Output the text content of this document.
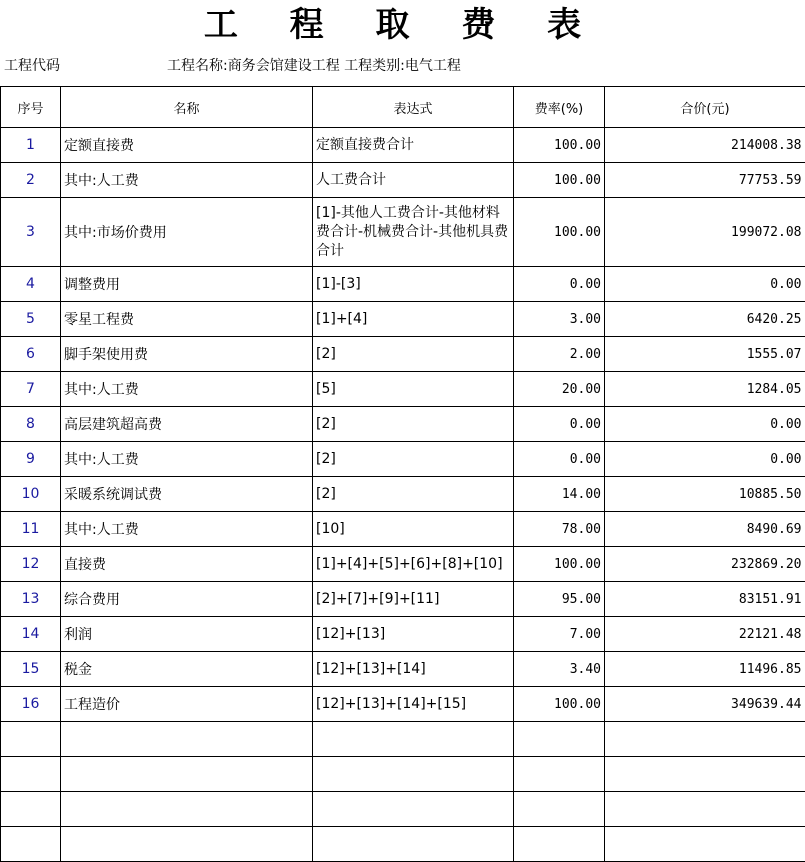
工 程 取 费 表
工程代码	工程名称:商务会馆建设工程 工程类别:电气工程
序号	名称	表达式	费率(%)	合价(元)
1	定额直接费	定额直接费合计	100.00	214008.38
2	其中:人工费	人工费合计	100.00	77753.59
3	其中:市场价费用	[1]-其他人工费合计-其他材料费合计-机械费合计-其他机具费合计	100.00	199072.08
4	调整费用	[1]-[3]	0.00	0.00
5	零星工程费	[1]+[4]	3.00	6420.25
6	脚手架使用费	[2]	2.00	1555.07
7	其中:人工费	[5]	20.00	1284.05
8	高层建筑超高费	[2]	0.00	0.00
9	其中:人工费	[2]	0.00	0.00
10	采暖系统调试费	[2]	14.00	10885.50
11	其中:人工费	[10]	78.00	8490.69
12	直接费	[1]+[4]+[5]+[6]+[8]+[10]	100.00	232869.20
13	综合费用	[2]+[7]+[9]+[11]	95.00	83151.91
14	利润	[12]+[13]	7.00	22121.48
15	税金	[12]+[13]+[14]	3.40	11496.85
16	工程造价	[12]+[13]+[14]+[15]	100.00	349639.44
